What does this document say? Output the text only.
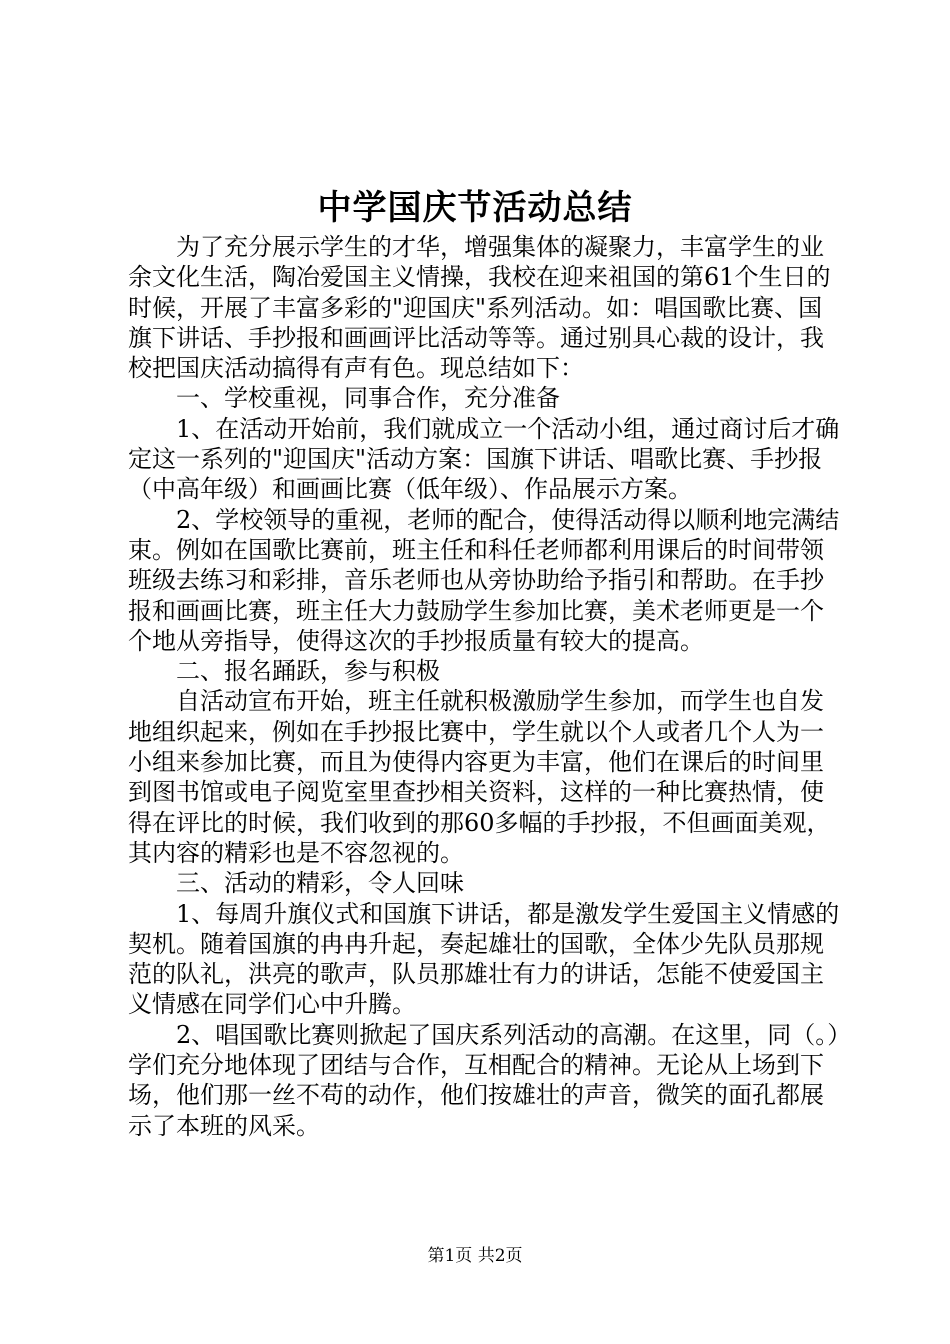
中学国庆节活动总结

为了充分展示学生的才华，增强集体的凝聚力，丰富学生的业余文化生活，陶冶爱国主义情操，我校在迎来祖国的第61个生日的时候，开展了丰富多彩的"迎国庆"系列活动。如：唱国歌比赛、国旗下讲话、手抄报和画画评比活动等等。通过别具心裁的设计，我校把国庆活动搞得有声有色。现总结如下：

一、学校重视，同事合作，充分准备

1、在活动开始前，我们就成立一个活动小组，通过商讨后才确定这一系列的"迎国庆"活动方案：国旗下讲话、唱歌比赛、手抄报（中高年级）和画画比赛（低年级）、作品展示方案。

2、学校领导的重视，老师的配合，使得活动得以顺利地完满结束。例如在国歌比赛前，班主任和科任老师都利用课后的时间带领班级去练习和彩排，音乐老师也从旁协助给予指引和帮助。在手抄报和画画比赛，班主任大力鼓励学生参加比赛，美术老师更是一个个地从旁指导，使得这次的手抄报质量有较大的提高。

二、报名踊跃，参与积极

自活动宣布开始，班主任就积极激励学生参加，而学生也自发地组织起来，例如在手抄报比赛中，学生就以个人或者几个人为一小组来参加比赛，而且为使得内容更为丰富，他们在课后的时间里到图书馆或电子阅览室里查抄相关资料，这样的一种比赛热情，使得在评比的时候，我们收到的那60多幅的手抄报，不但画面美观，其内容的精彩也是不容忽视的。

三、活动的精彩，令人回味

1、每周升旗仪式和国旗下讲话，都是激发学生爱国主义情感的契机。随着国旗的冉冉升起，奏起雄壮的国歌，全体少先队员那规范的队礼，洪亮的歌声，队员那雄壮有力的讲话，怎能不使爱国主义情感在同学们心中升腾。

2、唱国歌比赛则掀起了国庆系列活动的高潮。在这里，同（。）学们充分地体现了团结与合作，互相配合的精神。无论从上场到下场，他们那一丝不苟的动作，他们按雄壮的声音，微笑的面孔都展示了本班的风采。

第1页 共2页
